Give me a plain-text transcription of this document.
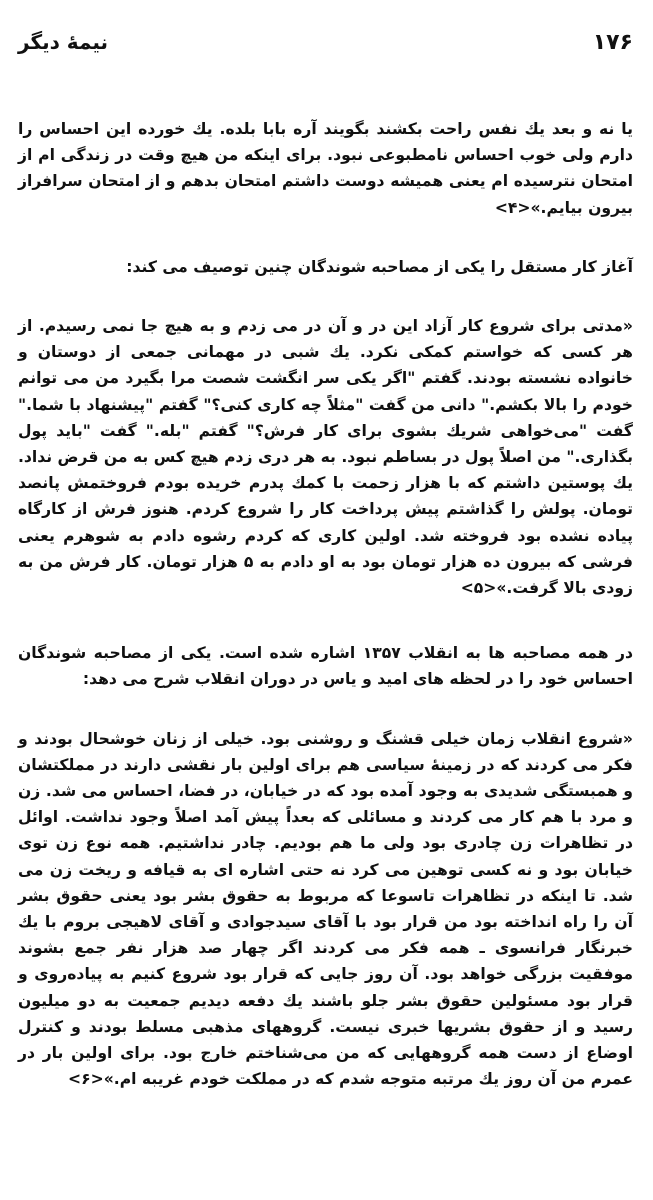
۱۷۶
نیمهٔ دیگر

یا نه و بعد یك نفس راحت بکشند بگویند آره بابا بلده. یك خورده این احساس را دارم ولی خوب احساس نامطبوعی نبود. برای اینکه من هیچ وقت در زندگی ام از امتحان نترسیده ام یعنی همیشه دوست داشتم امتحان بدهم و از امتحان سرافراز بیرون بیایم.»<۴>

آغاز کار مستقل را یکی از مصاحبه شوندگان چنین توصیف می کند:

«مدتی برای شروع کار آزاد این در و آن در می زدم و به هیچ جا نمی رسیدم. از هر کسی که خواستم کمکی نکرد. یك شبی در مهمانی جمعی از دوستان و خانواده نشسته بودند. گفتم "اگر یکی سر انگشت شصت مرا بگیرد من می توانم خودم را بالا بکشم." دانی من گفت "مثلاً چه کاری کنی؟" گفتم "پیشنهاد با شما." گفت "می‌خواهی شریك بشوی برای کار فرش؟" گفتم "بله." گفت "باید پول بگذاری." من اصلاً پول در بساطم نبود. به هر دری زدم هیچ کس به من قرض نداد. یك پوستین‌ داشتم که با هزار زحمت با کمك پدرم خریده بودم فروختمش پانصد تومان. پولش را گذاشتم پیش پرداخت کار را شروع کردم. هنوز فرش از کارگاه پیاده نشده بود فروخته شد. اولین کاری که کردم رشوه دادم به شوهرم یعنی فرشی که بیرون ده هزار تومان بود به او دادم به ۵ هزار تومان. کار فرش من به زودی بالا گرفت.»<۵>

در همه مصاحبه ها به انقلاب ۱۳۵۷ اشاره شده است. یکی از مصاحبه شوندگان احساس خود را در لحظه های امید و یاس در دوران انقلاب شرح می دهد:

«شروع انقلاب زمان خیلی قشنگ و روشنی بود. خیلی از زنان خوشحال بودند و فکر می کردند که در زمینهٔ سیاسی هم برای اولین بار نقشی دارند در مملکتشان و همبستگی شدیدی به وجود آمده بود که در خیابان، در فضا، احساس می شد. زن و مرد با هم کار می کردند و مسائلی که بعداً پیش آمد اصلاً وجود نداشت. اوائل در تظاهرات زن چادری بود ولی ما هم بودیم. چادر نداشتیم. همه نوع زن توی خیابان بود و نه کسی توهین می کرد نه حتی اشاره ای به قیافه و ریخت زن می شد. تا اینکه در تظاهرات تاسوعا که مربوط به حقوق بشر بود یعنی حقوق بشر آن را راه انداخته بود من قرار بود با آقای سیدجوادی و آقای لاهیجی بروم با یك خبرنگار فرانسوی ـ همه فکر می کردند اگر چهار صد هزار نفر جمع بشوند موفقیت بزرگی خواهد بود. آن روز جایی که قرار بود شروع کنیم به پیاده‌روی و قرار بود مسئولین حقوق بشر جلو باشند یك دفعه دیدیم جمعیت به دو میلیون رسید و از حقوق بشریها خبری نیست. گروههای مذهبی مسلط بودند و کنترل اوضاع از دست همه گروههایی که من می‌شناختم خارج بود. برای اولین بار در عمرم من آن روز یك مرتبه متوجه شدم که در مملکت خودم غریبه ام.»<۶>
